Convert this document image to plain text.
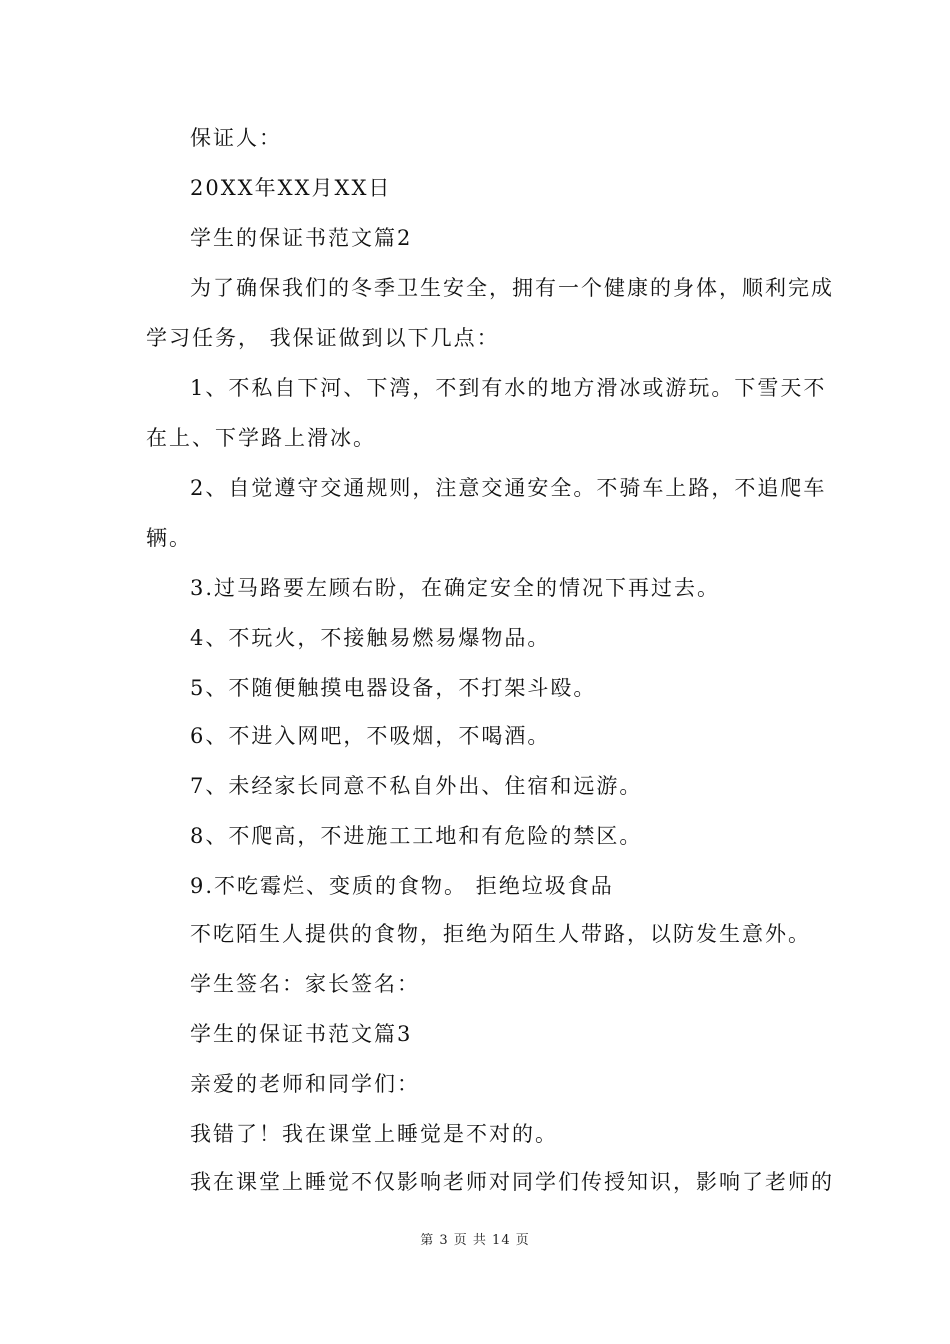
保证人：
20XX年XX月XX日
学生的保证书范文篇2
为了确保我们的冬季卫生安全，拥有一个健康的身体，顺利完成
学习任务， 我保证做到以下几点：
1、不私自下河、下湾，不到有水的地方滑冰或游玩。下雪天不
在上、下学路上滑冰。
2、自觉遵守交通规则，注意交通安全。不骑车上路，不追爬车
辆。
3.过马路要左顾右盼，在确定安全的情况下再过去。
4、不玩火，不接触易燃易爆物品。
5、不随便触摸电器设备，不打架斗殴。
6、不进入网吧，不吸烟，不喝酒。
7、未经家长同意不私自外出、住宿和远游。
8、不爬高，不进施工工地和有危险的禁区。
9.不吃霉烂、变质的食物。 拒绝垃圾食品
不吃陌生人提供的食物，拒绝为陌生人带路，以防发生意外。
学生签名：家长签名：
学生的保证书范文篇3
亲爱的老师和同学们：
我错了！我在课堂上睡觉是不对的。
我在课堂上睡觉不仅影响老师对同学们传授知识，影响了老师的
第 3 页 共 14 页
